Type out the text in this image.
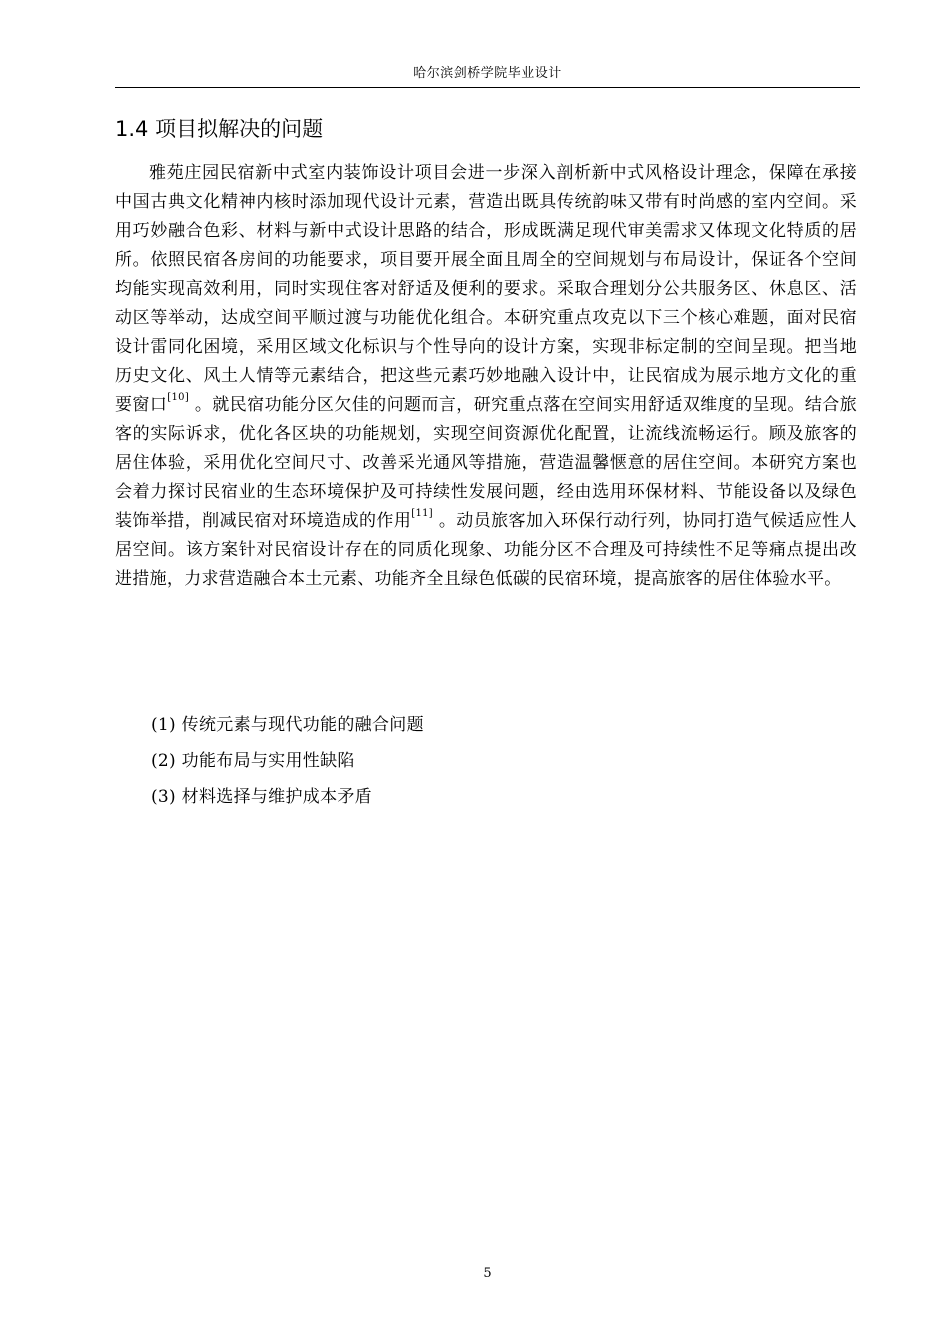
哈尔滨剑桥学院毕业设计
1.4 项目拟解决的问题

雅苑庄园民宿新中式室内装饰设计项目会进一步深入剖析新中式风格设计理念，保障在承接中国古典文化精神内核时添加现代设计元素，营造出既具传统韵味又带有时尚感的室内空间。采用巧妙融合色彩、材料与新中式设计思路的结合，形成既满足现代审美需求又体现文化特质的居所。依照民宿各房间的功能要求，项目要开展全面且周全的空间规划与布局设计，保证各个空间均能实现高效利用，同时实现住客对舒适及便利的要求。采取合理划分公共服务区、休息区、活动区等举动，达成空间平顺过渡与功能优化组合。本研究重点攻克以下三个核心难题，面对民宿设计雷同化困境，采用区域文化标识与个性导向的设计方案，实现非标定制的空间呈现。把当地历史文化、风土人情等元素结合，把这些元素巧妙地融入设计中，让民宿成为展示地方文化的重要窗口[10] 。就民宿功能分区欠佳的问题而言，研究重点落在空间实用舒适双维度的呈现。结合旅客的实际诉求，优化各区块的功能规划，实现空间资源优化配置，让流线流畅运行。顾及旅客的居住体验，采用优化空间尺寸、改善采光通风等措施，营造温馨惬意的居住空间。本研究方案也会着力探讨民宿业的生态环境保护及可持续性发展问题，经由选用环保材料、节能设备以及绿色装饰举措，削减民宿对环境造成的作用[11] 。动员旅客加入环保行动行列，协同打造气候适应性人居空间。该方案针对民宿设计存在的同质化现象、功能分区不合理及可持续性不足等痛点提出改进措施，力求营造融合本土元素、功能齐全且绿色低碳的民宿环境，提高旅客的居住体验水平。

(1) 传统元素与现代功能的融合问题
(2) 功能布局与实用性缺陷
(3) 材料选择与维护成本矛盾
5
